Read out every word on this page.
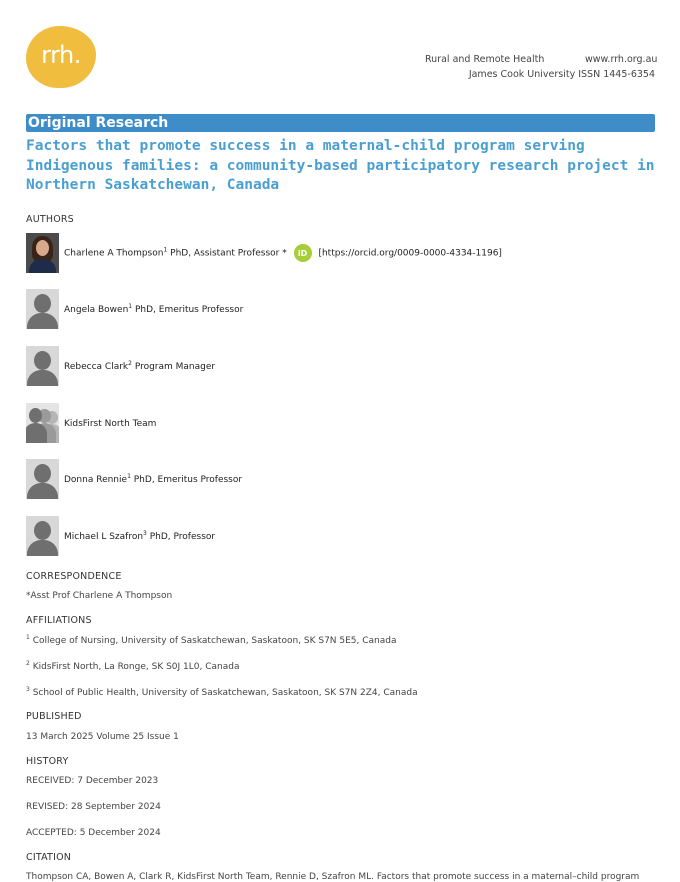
rrh.	Rural and Remote Health	www.rrh.org.au
James Cook University ISSN 1445-6354
Original Research
Factors that promote success in a maternal-child program serving Indigenous families: a community-based participatory research project in Northern Saskatchewan, Canada
AUTHORS
Charlene A Thompson$^1$ PhD, Assistant Professor * iD [https://orcid.org/0009-0000-4334-1196]
Angela Bowen$^1$ PhD, Emeritus Professor
Rebecca Clark$^2$ Program Manager
KidsFirst North Team
Donna Rennie$^1$ PhD, Emeritus Professor
Michael L Szafron$^3$ PhD, Professor
CORRESPONDENCE
*Asst Prof Charlene A Thompson
AFFILIATIONS
$^1$ College of Nursing, University of Saskatchewan, Saskatoon, SK S7N 5E5, Canada
$^2$ KidsFirst North, La Ronge, SK S0J 1L0, Canada
$^3$ School of Public Health, University of Saskatchewan, Saskatoon, SK S7N 2Z4, Canada
PUBLISHED
13 March 2025 Volume 25 Issue 1
HISTORY
RECEIVED: 7 December 2023
REVISED: 28 September 2024
ACCEPTED: 5 December 2024
CITATION
Thompson CA, Bowen A, Clark R, KidsFirst North Team, Rennie D, Szafron ML. Factors that promote success in a maternal–child program
